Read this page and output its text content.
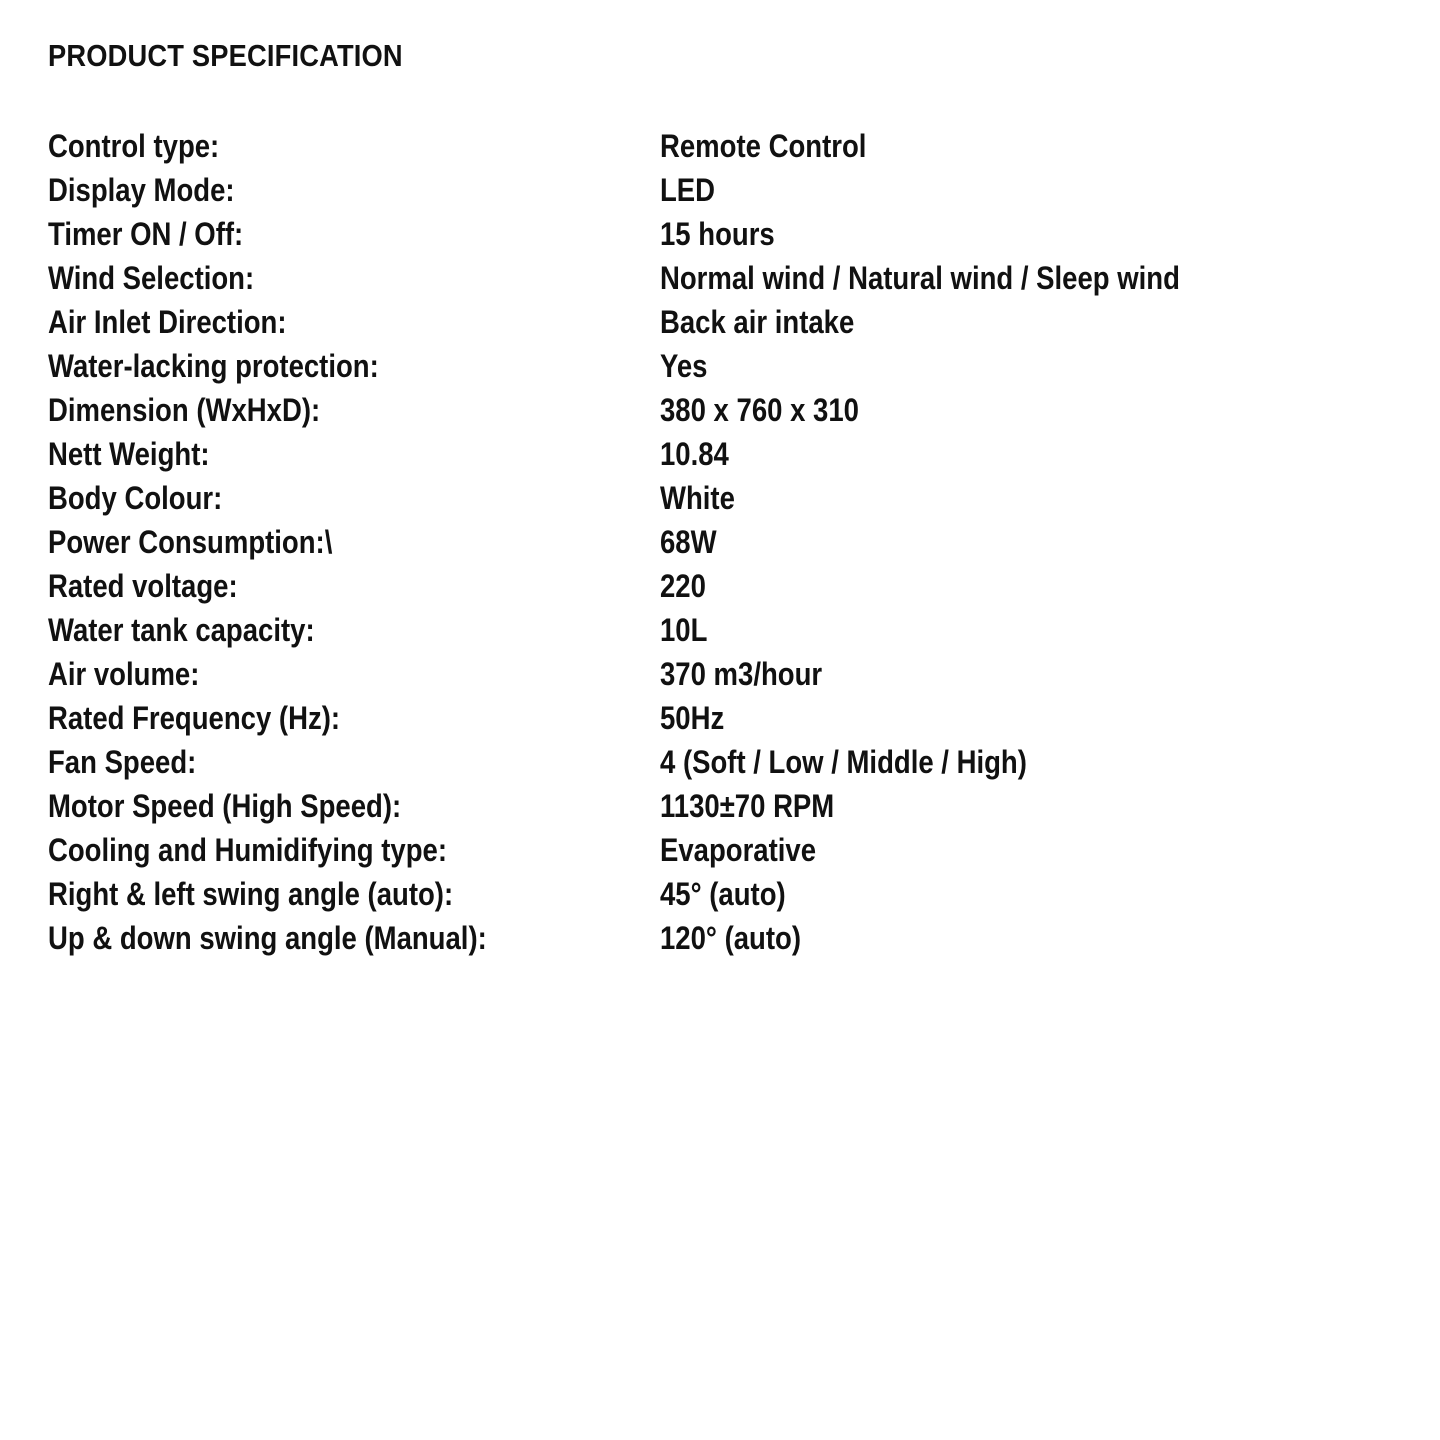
PRODUCT SPECIFICATION
Control type:	Remote Control
Display Mode:	LED
Timer ON / Off:	15 hours
Wind Selection:	Normal wind / Natural wind / Sleep wind
Air Inlet Direction:	Back air intake
Water-lacking protection:	Yes
Dimension (WxHxD):	380 x 760 x 310
Nett Weight:	10.84
Body Colour:	White
Power Consumption:\	68W
Rated voltage:	220
Water tank capacity:	10L
Air volume:	370 m3/hour
Rated Frequency (Hz):	50Hz
Fan Speed:	4 (Soft / Low / Middle / High)
Motor Speed (High Speed):	1130±70 RPM
Cooling and Humidifying type:	Evaporative
Right & left swing angle (auto):	45° (auto)
Up & down swing angle (Manual):	120° (auto)
